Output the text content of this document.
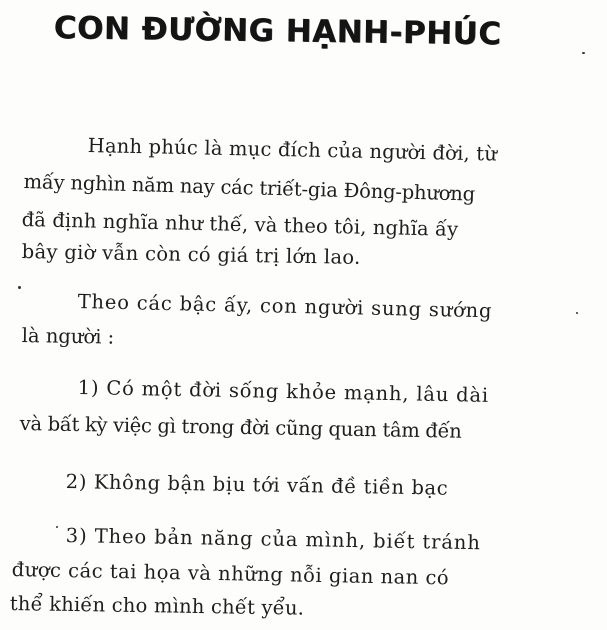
CON ĐƯỜNG HẠNH-PHÚC
Hạnh phúc là mục đích của người đời, từ
mấy nghìn năm nay các triết-gia Đông-phương
đã định nghĩa như thế, và theo tôi, nghĩa ấy
bây giờ vẫn còn có giá trị lớn lao.
Theo các bậc ấy, con người sung sướng
là người :
1) Có một đời sống khỏe mạnh, lâu dài
và bất kỳ việc gì trong đời cũng quan tâm đến
2) Không bận bịu tới vấn đề tiền bạc
3) Theo bản năng của mình, biết tránh
được các tai họa và những nỗi gian nan có
thể khiến cho mình chết yểu.
